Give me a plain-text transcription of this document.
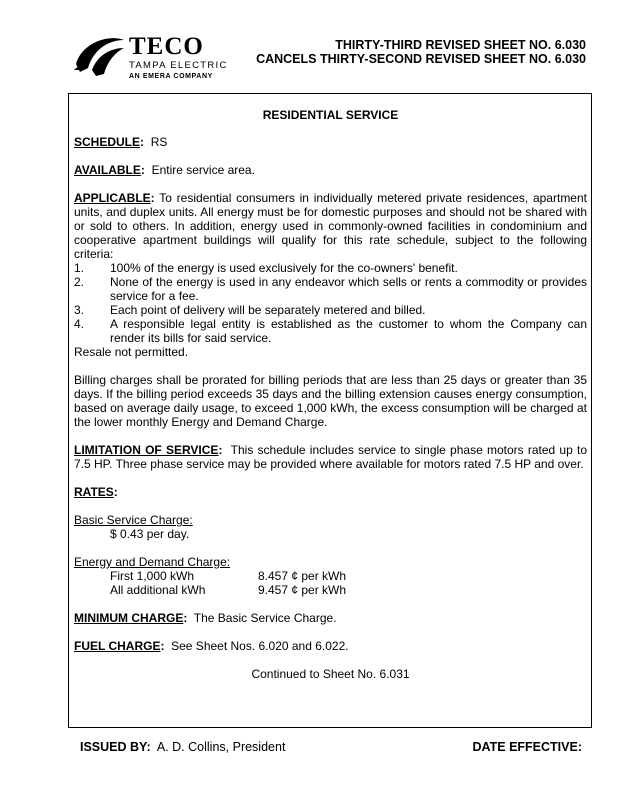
TECO
TAMPA ELECTRIC
AN EMERA COMPANY
THIRTY-THIRD REVISED SHEET NO. 6.030
CANCELS THIRTY-SECOND REVISED SHEET NO. 6.030
RESIDENTIAL SERVICE

SCHEDULE: RS

AVAILABLE: Entire service area.

APPLICABLE: To residential consumers in individually metered private residences, apartment units, and duplex units. All energy must be for domestic purposes and should not be shared with or sold to others. In addition, energy used in commonly-owned facilities in condominium and cooperative apartment buildings will qualify for this rate schedule, subject to the following criteria:

1.	100% of the energy is used exclusively for the co-owners' benefit.
2.	None of the energy is used in any endeavor which sells or rents a commodity or provides service for a fee.
3.	Each point of delivery will be separately metered and billed.
4.	A responsible legal entity is established as the customer to whom the Company can render its bills for said service.

Resale not permitted.

Billing charges shall be prorated for billing periods that are less than 25 days or greater than 35 days. If the billing period exceeds 35 days and the billing extension causes energy consumption, based on average daily usage, to exceed 1,000 kWh, the excess consumption will be charged at the lower monthly Energy and Demand Charge.

LIMITATION OF SERVICE: This schedule includes service to single phase motors rated up to 7.5 HP. Three phase service may be provided where available for motors rated 7.5 HP and over.

RATES:

Basic Service Charge:

$ 0.43 per day.

Energy and Demand Charge:

First 1,000 kWh	8.457 ¢ per kWh
All additional kWh	9.457 ¢ per kWh

MINIMUM CHARGE: The Basic Service Charge.

FUEL CHARGE: See Sheet Nos. 6.020 and 6.022.

Continued to Sheet No. 6.031
ISSUED BY: A. D. Collins, President	DATE EFFECTIVE:
